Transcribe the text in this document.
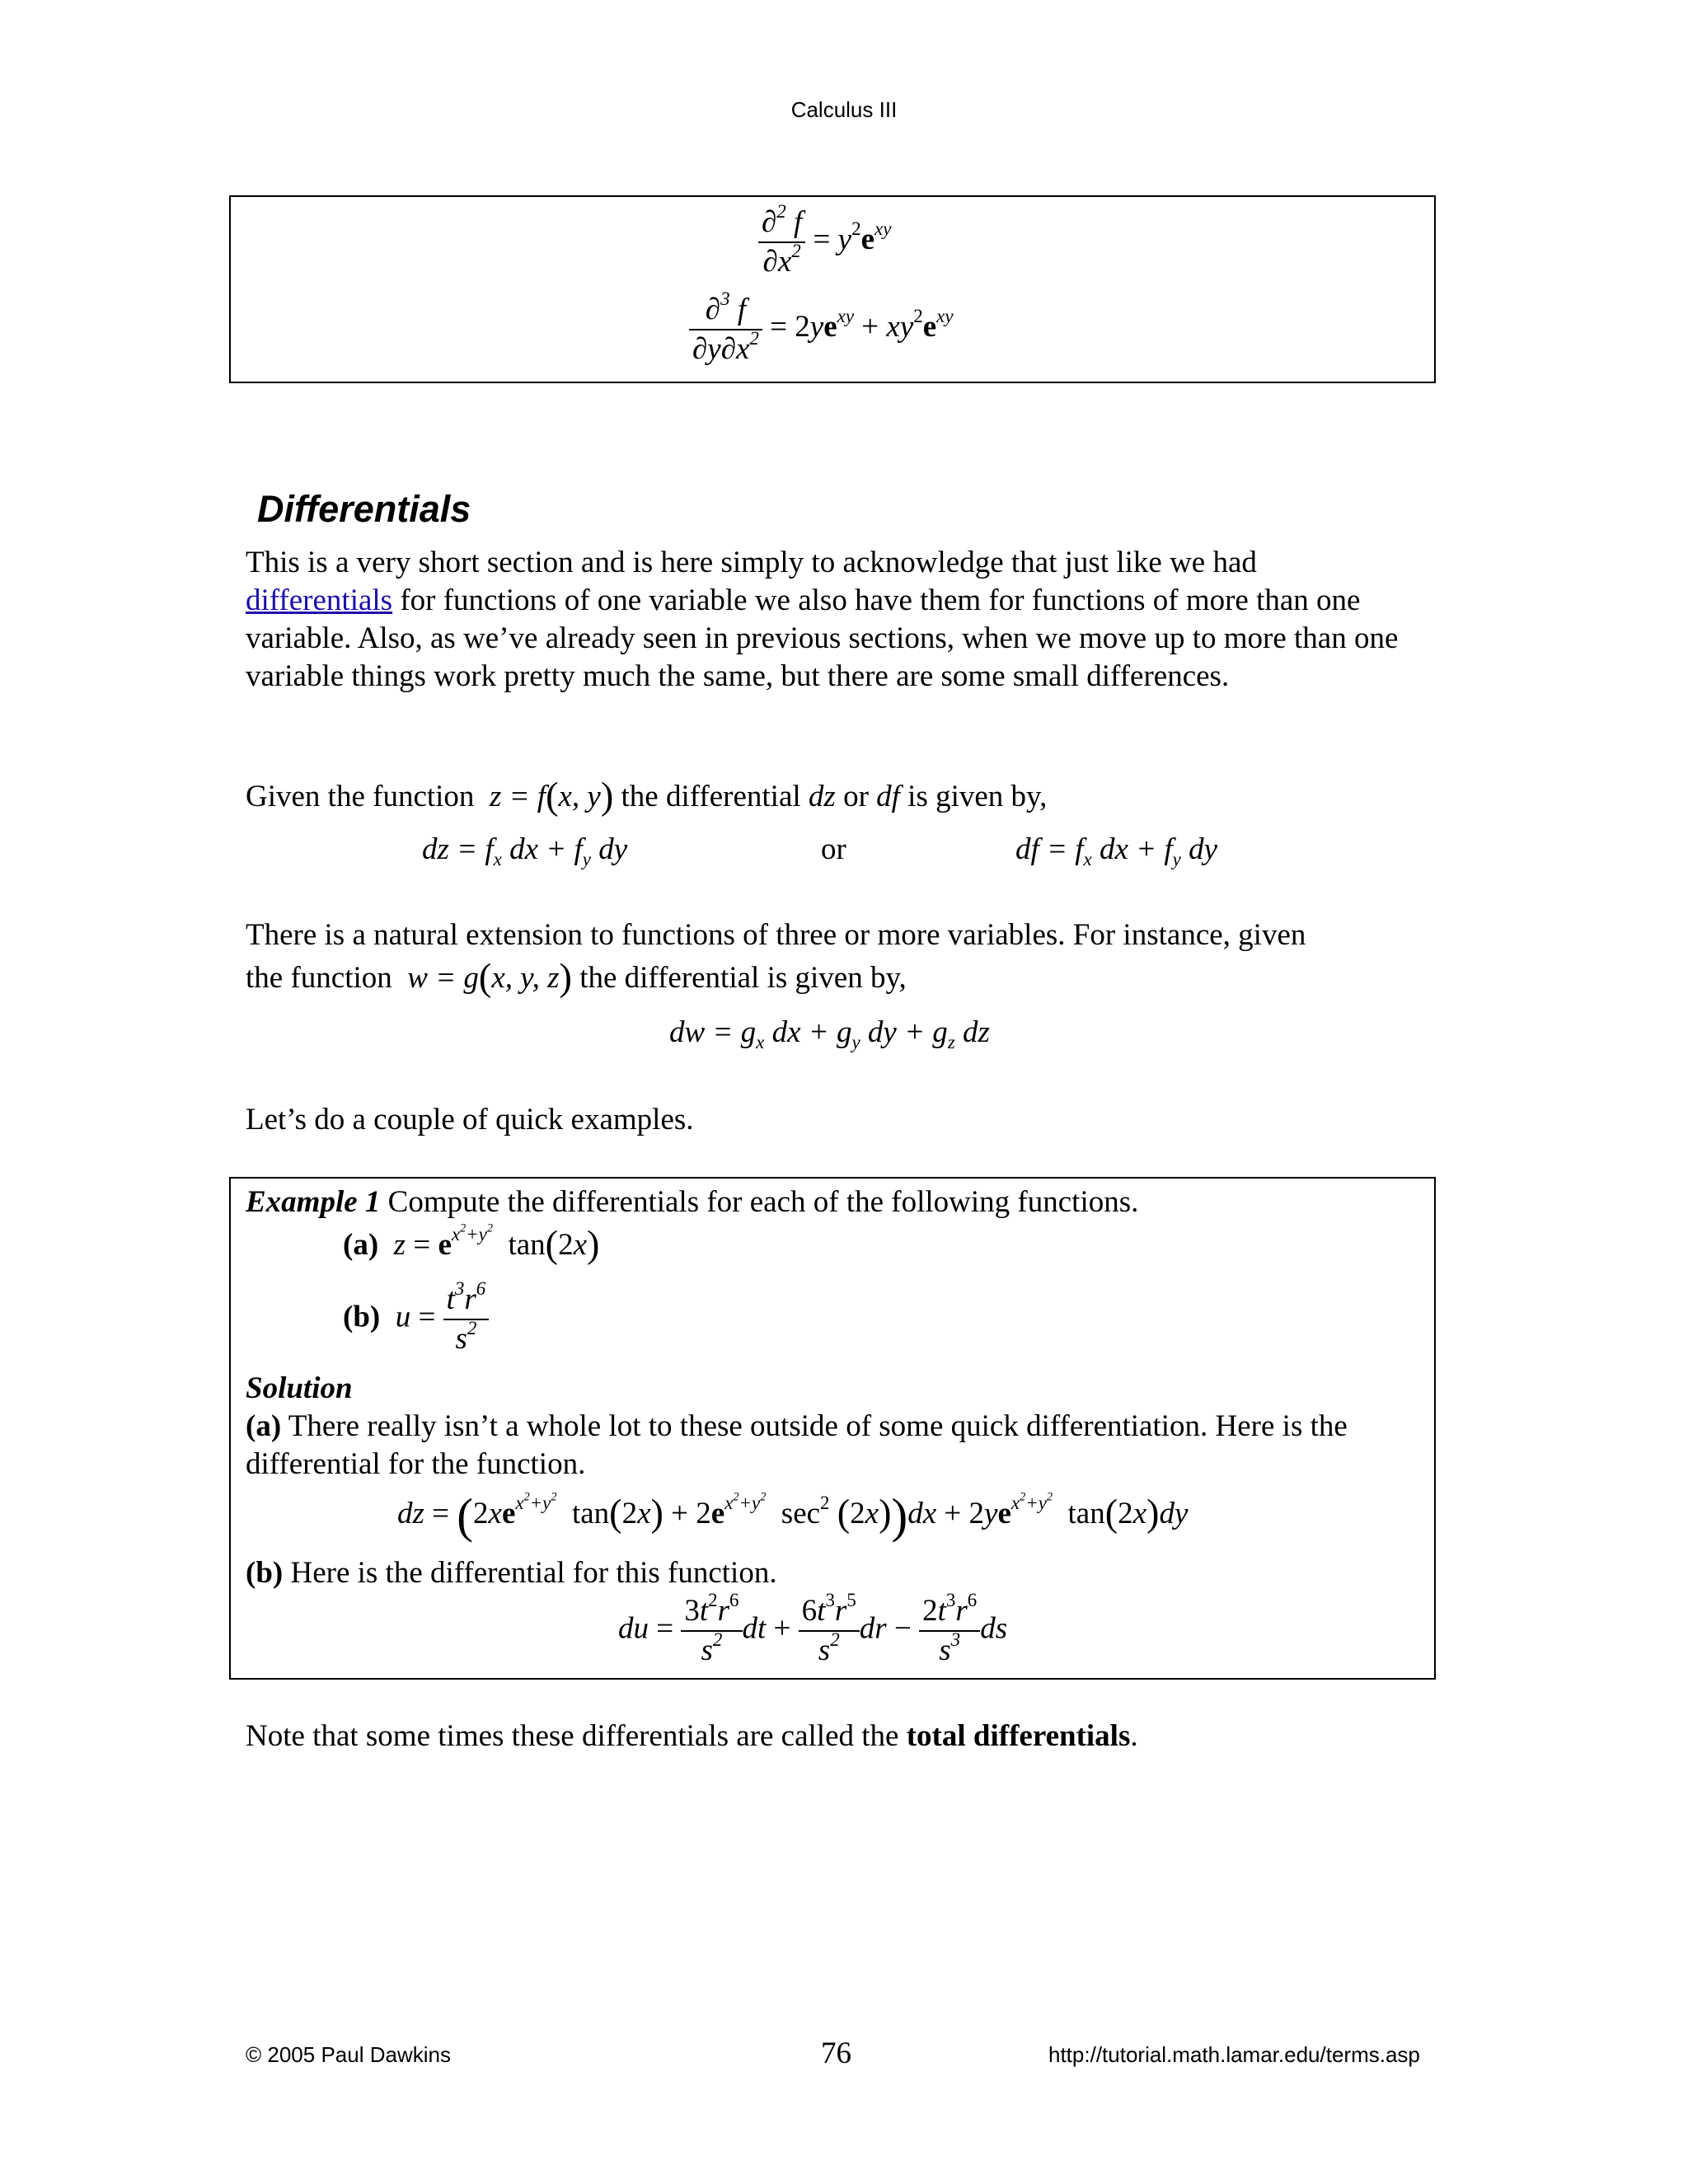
Calculus III
$\frac{\partial^2 f}{\partial x^2} = y^2e^{xy}$
$\frac{\partial^3 f}{\partial y\partial x^2} = 2ye^{xy} + xy^2e^{xy}$
Differentials
This is a very short section and is here simply to acknowledge that just like we had differentials for functions of one variable we also have them for functions of more than one variable. Also, as we’ve already seen in previous sections, when we move up to more than one variable things work pretty much the same, but there are some small differences.
Given the function  z = f(x, y) the differential dz or df is given by,
dz = $f_x$ dx + $f_y$ dy	or	df = $f_x$ dx + $f_y$ dy
There is a natural extension to functions of three or more variables. For instance, given
the function  w = g(x, y, z) the differential is given by,
dw = $g_x$ dx + $g_y$ dy + $g_z$ dz
Let’s do a couple of quick examples.
Example 1 Compute the differentials for each of the following functions.
(a)  $z = e^{x^2+y^2}$  tan(2x)
(b)  $u = \frac{t^3r^6}{s^2}$
Solution
(a) There really isn’t a whole lot to these outside of some quick differentiation. Here is the differential for the function.
dz = ($2xe^{x^2+y^2}$  $\tan(2x) + 2e^{x^2+y^2}$  $\sec^2 (2x))dx + 2ye^{x^2+y^2}$  tan(2x)dy
(b) Here is the differential for this function.
du = $\frac{3t^2r^6}{s^2}$ dt + $\frac{6t^3r^5}{s^2}$ dr − $\frac{2t^3r^6}{s^3}$ ds
Note that some times these differentials are called the total differentials.
© 2005 Paul Dawkins	76	http://tutorial.math.lamar.edu/terms.asp
